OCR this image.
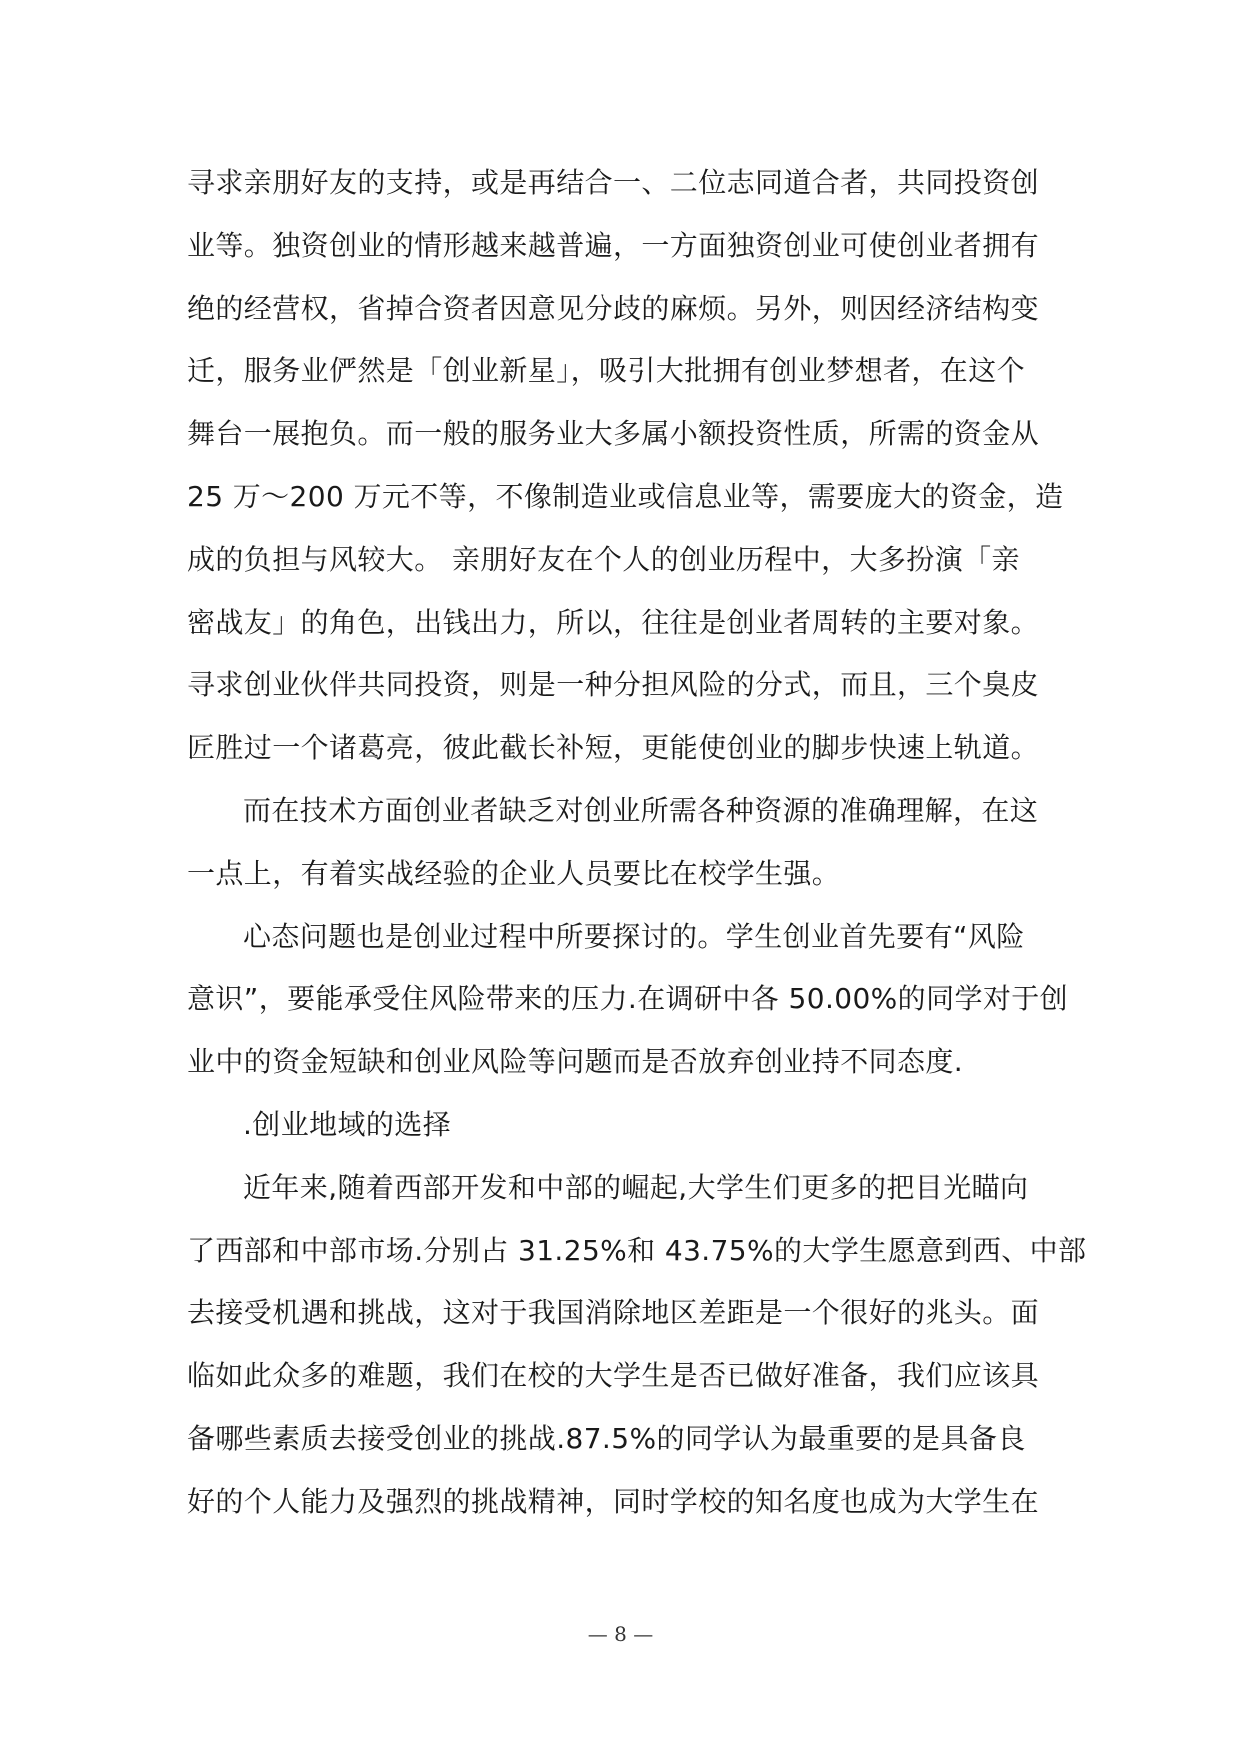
寻求亲朋好友的支持，或是再结合一、二位志同道合者，共同投资创
业等。独资创业的情形越来越普遍，一方面独资创业可使创业者拥有
绝的经营权，省掉合资者因意见分歧的麻烦。另外，则因经济结构变
迁，服务业俨然是「创业新星」，吸引大批拥有创业梦想者，在这个
舞台一展抱负。而一般的服务业大多属小额投资性质，所需的资金从
25 万～200 万元不等，不像制造业或信息业等，需要庞大的资金，造
成的负担与风较大。 亲朋好友在个人的创业历程中，大多扮演「亲
密战友」的角色，出钱出力，所以，往往是创业者周转的主要对象。
寻求创业伙伴共同投资，则是一种分担风险的分式，而且，三个臭皮
匠胜过一个诸葛亮，彼此截长补短，更能使创业的脚步快速上轨道。
而在技术方面创业者缺乏对创业所需各种资源的准确理解，在这
一点上，有着实战经验的企业人员要比在校学生强。
心态问题也是创业过程中所要探讨的。学生创业首先要有“风险
意识”，要能承受住风险带来的压力.在调研中各 50.00%的同学对于创
业中的资金短缺和创业风险等问题而是否放弃创业持不同态度.
.创业地域的选择
近年来,随着西部开发和中部的崛起,大学生们更多的把目光瞄向
了西部和中部市场.分别占 31.25%和 43.75%的大学生愿意到西、中部
去接受机遇和挑战，这对于我国消除地区差距是一个很好的兆头。面
临如此众多的难题，我们在校的大学生是否已做好准备，我们应该具
备哪些素质去接受创业的挑战.87.5%的同学认为最重要的是具备良
好的个人能力及强烈的挑战精神，同时学校的知名度也成为大学生在
— 8 —
